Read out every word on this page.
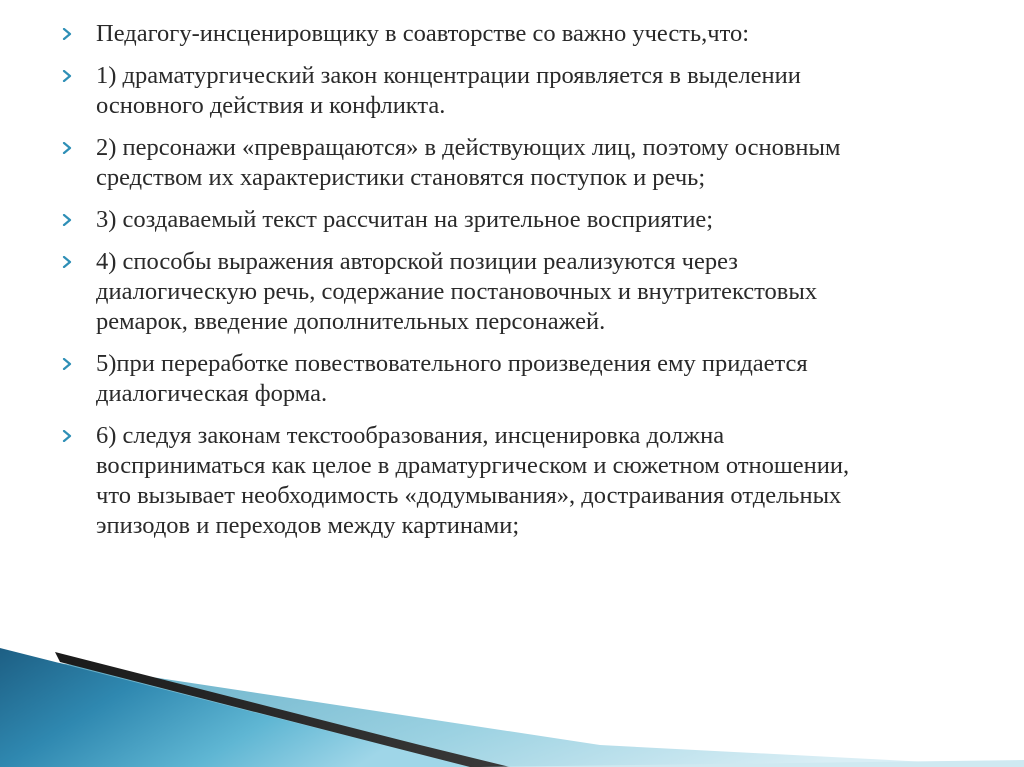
Педагогу-инсценировщику в соавторстве со важно учесть,что:
1) драматургический закон концентрации проявляется в выделении
основного действия и конфликта.
2) персонажи «превращаются» в действующих лиц, поэтому основным
средством их характеристики становятся поступок и речь;
3) создаваемый текст рассчитан на зрительное восприятие;
4) способы выражения авторской позиции реализуются через
диалогическую речь, содержание постановочных и внутритекстовых
ремарок, введение дополнительных персонажей.
5)при переработке повествовательного произведения ему придается
диалогическая форма.
6) следуя законам текстообразования, инсценировка должна
восприниматься как целое в драматургическом и сюжетном отношении,
что вызывает необходимость «додумывания», достраивания отдельных
эпизодов и переходов между картинами;
